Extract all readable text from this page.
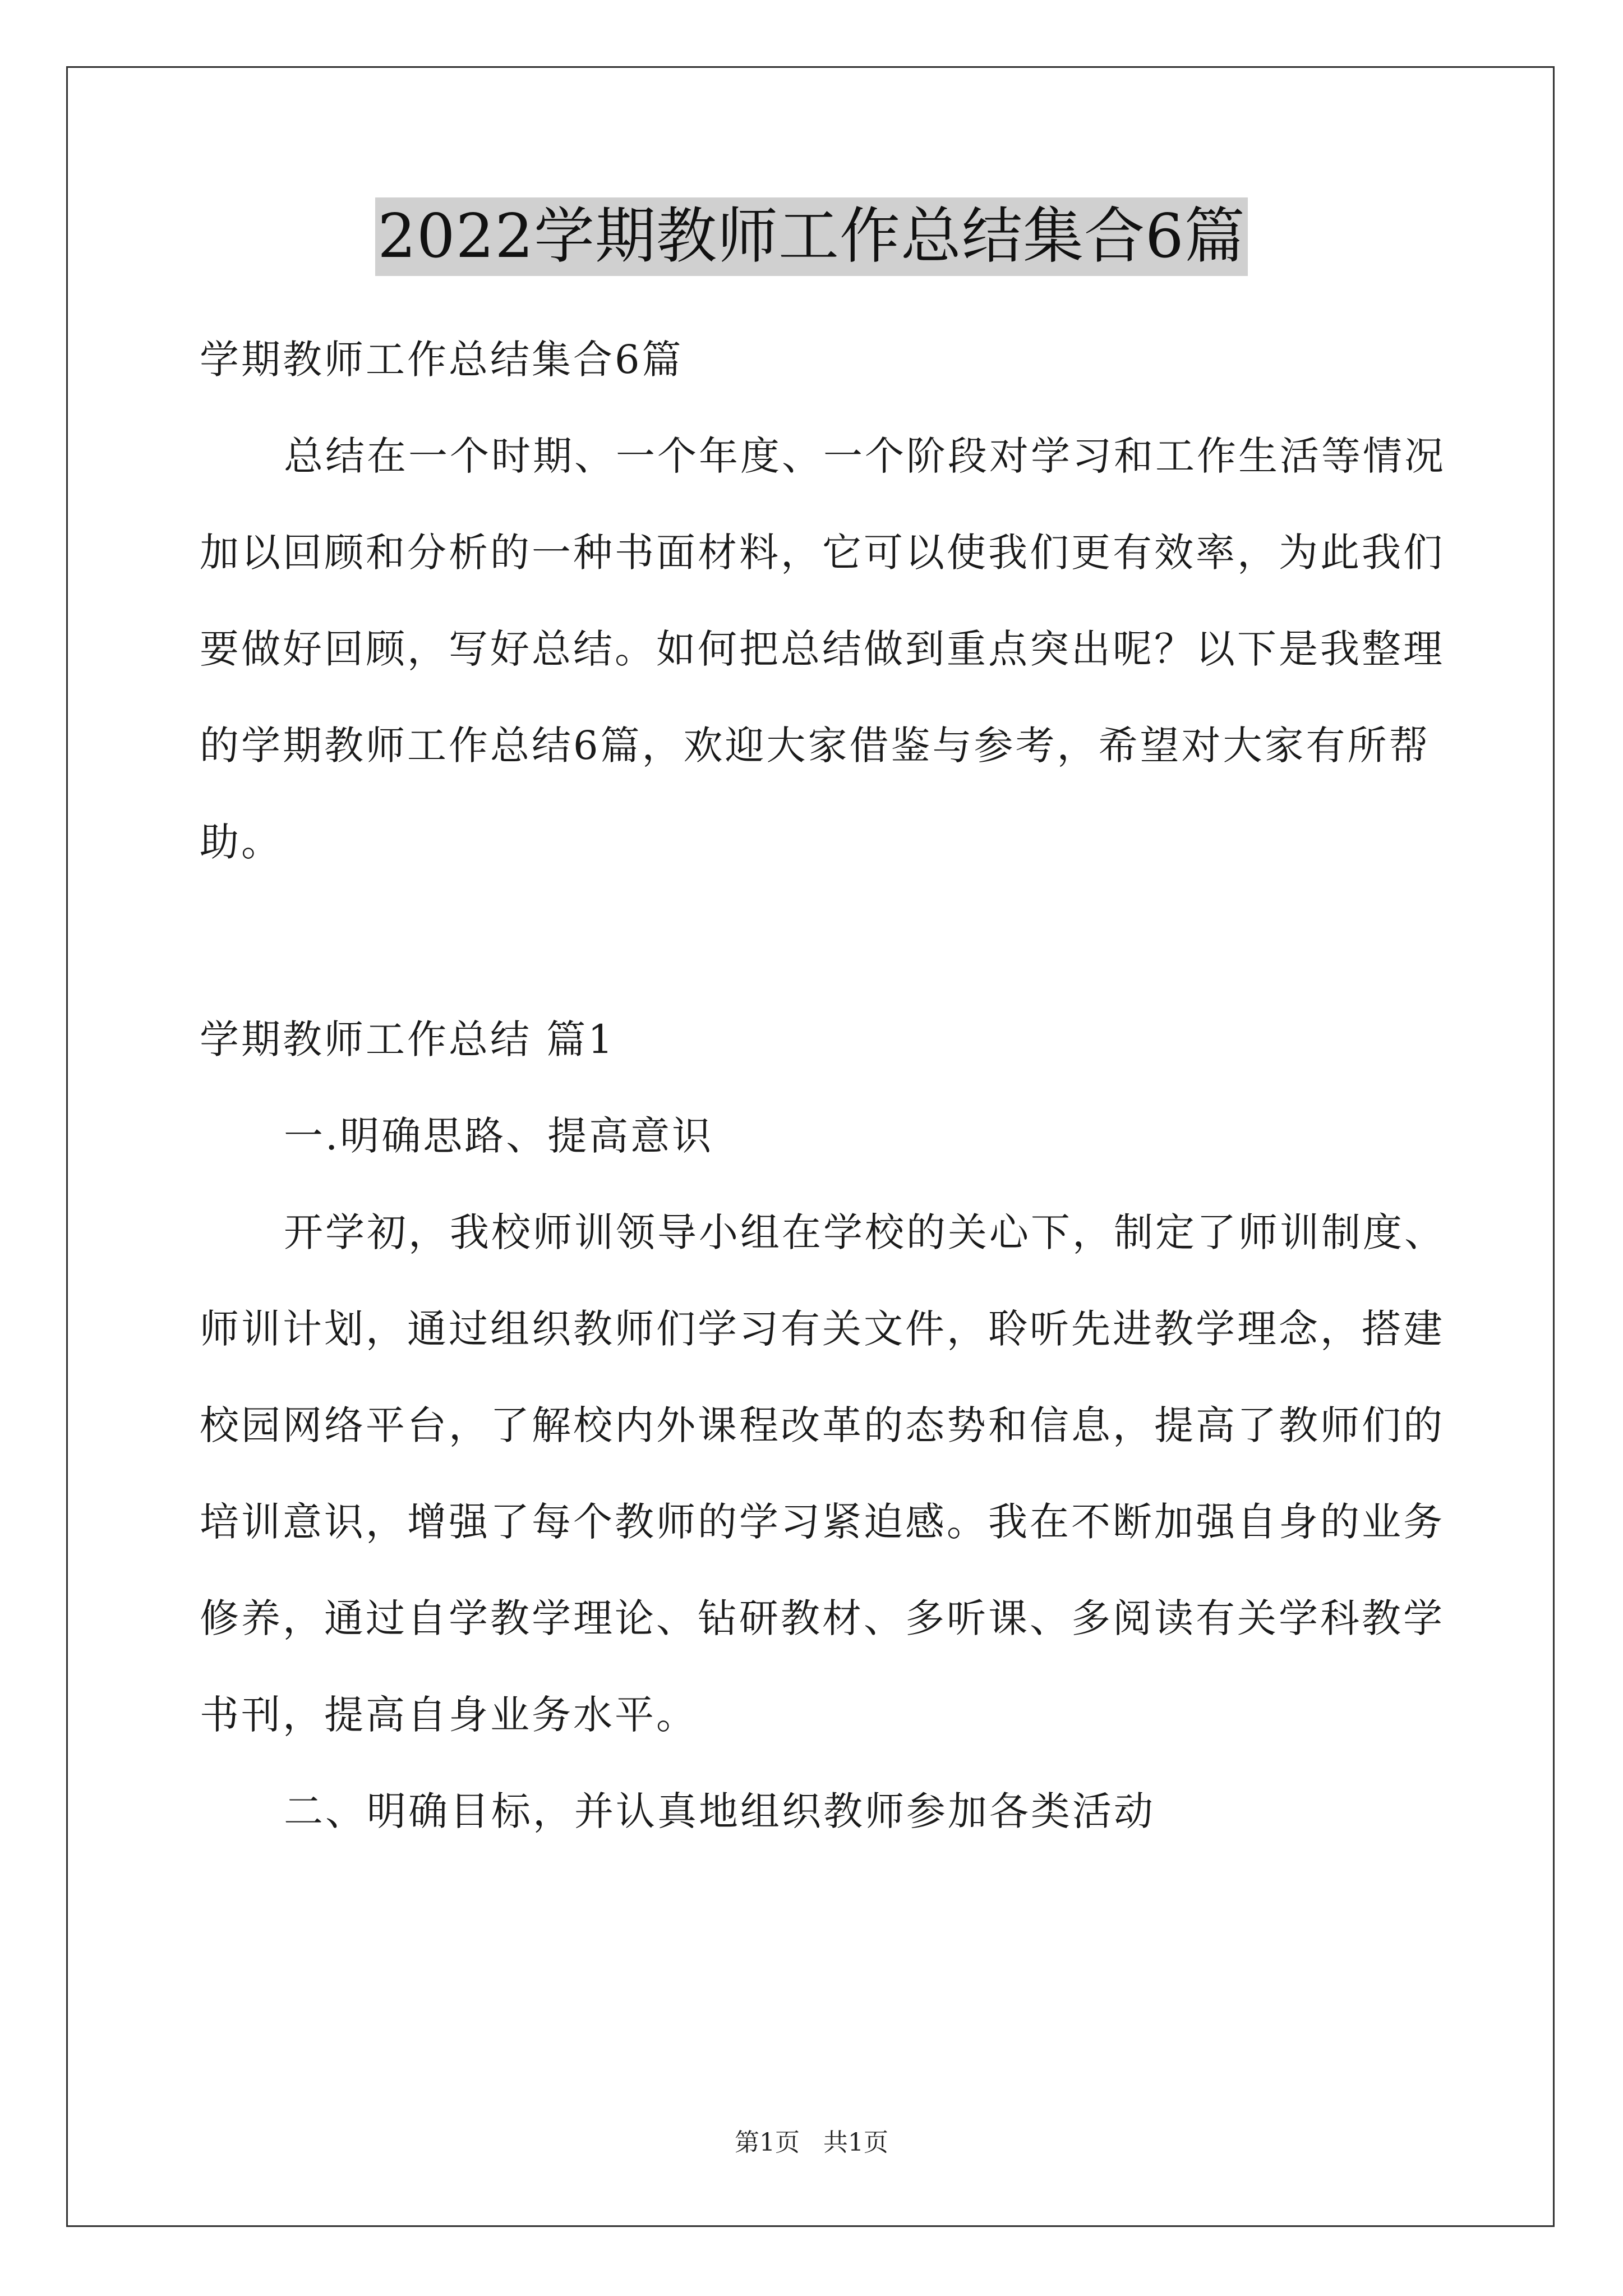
2022学期教师工作总结集合6篇
学期教师工作总结集合6篇
总结在一个时期、一个年度、一个阶段对学习和工作生活等情况
加以回顾和分析的一种书面材料，它可以使我们更有效率，为此我们
要做好回顾，写好总结。如何把总结做到重点突出呢？以下是我整理
的学期教师工作总结6篇，欢迎大家借鉴与参考，希望对大家有所帮
助。
学期教师工作总结 篇1
一.明确思路、提高意识
开学初，我校师训领导小组在学校的关心下，制定了师训制度、
师训计划，通过组织教师们学习有关文件，聆听先进教学理念，搭建
校园网络平台，了解校内外课程改革的态势和信息，提高了教师们的
培训意识，增强了每个教师的学习紧迫感。我在不断加强自身的业务
修养，通过自学教学理论、钻研教材、多听课、多阅读有关学科教学
书刊，提高自身业务水平。
二、明确目标，并认真地组织教师参加各类活动
第1页 共1页
